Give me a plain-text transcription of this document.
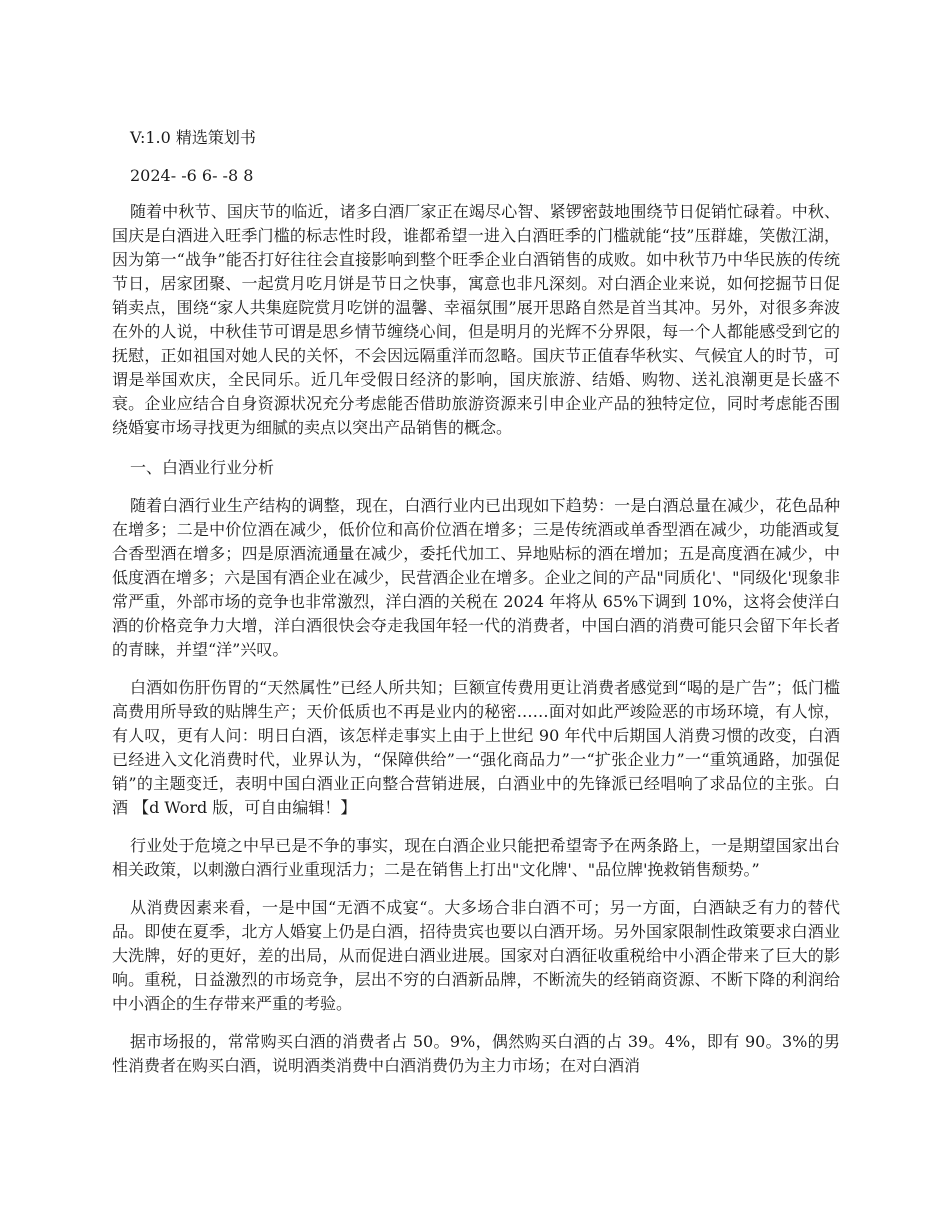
V:1.0 精选策划书

2024- -6 6- -8 8

随着中秋节、国庆节的临近，诸多白酒厂家正在竭尽心智、紧锣密鼓地围绕节日促销忙碌着。中秋、国庆是白酒进入旺季门槛的标志性时段，谁都希望一进入白酒旺季的门槛就能“技”压群雄，笑傲江湖，因为第一“战争”能否打好往往会直接影响到整个旺季企业白酒销售的成败。如中秋节乃中华民族的传统节日，居家团聚、一起赏月吃月饼是节日之快事，寓意也非凡深刻。对白酒企业来说，如何挖掘节日促销卖点，围绕“家人共集庭院赏月吃饼的温馨、幸福氛围”展开思路自然是首当其冲。另外，对很多奔波在外的人说，中秋佳节可谓是思乡情节缠绕心间，但是明月的光辉不分界限，每一个人都能感受到它的抚慰，正如祖国对她人民的关怀，不会因远隔重洋而忽略。国庆节正值春华秋实、气候宜人的时节，可谓是举国欢庆，全民同乐。近几年受假日经济的影响，国庆旅游、结婚、购物、送礼浪潮更是长盛不衰。企业应结合自身资源状况充分考虑能否借助旅游资源来引申企业产品的独特定位，同时考虑能否围绕婚宴市场寻找更为细腻的卖点以突出产品销售的概念。

一、白酒业行业分析

随着白酒行业生产结构的调整，现在，白酒行业内已出现如下趋势：一是白酒总量在减少，花色品种在增多；二是中价位酒在减少，低价位和高价位酒在增多；三是传统酒或单香型酒在减少，功能酒或复合香型酒在增多；四是原酒流通量在减少，委托代加工、异地贴标的酒在增加；五是高度酒在减少，中低度酒在增多；六是国有酒企业在减少，民营酒企业在增多。企业之间的产品"同质化'、"同级化'现象非常严重，外部市场的竞争也非常激烈，洋白酒的关税在 2024 年将从 65%下调到 10%，这将会使洋白酒的价格竞争力大增，洋白酒很快会夺走我国年轻一代的消费者，中国白酒的消费可能只会留下年长者的青睐，并望“洋”兴叹。

白酒如伤肝伤胃的“天然属性”已经人所共知；巨额宣传费用更让消费者感觉到“喝的是广告”；低门槛高费用所导致的贴牌生产；天价低质也不再是业内的秘密……面对如此严竣险恶的市场环境，有人惊，有人叹，更有人问：明日白酒，该怎样走事实上由于上世纪 90 年代中后期国人消费习惯的改变，白酒已经进入文化消费时代，业界认为，“保障供给”一“强化商品力”一“扩张企业力”一“重筑通路，加强促销”的主题变迁，表明中国白酒业正向整合营销进展，白酒业中的先锋派已经唱响了求品位的主张。白酒 【d Word 版，可自由编辑！】

行业处于危境之中早已是不争的事实，现在白酒企业只能把希望寄予在两条路上，一是期望国家出台相关政策，以刺激白酒行业重现活力；二是在销售上打出"文化牌'、"品位牌'挽救销售颓势。”

从消费因素来看，一是中国“无酒不成宴“。大多场合非白酒不可；另一方面，白酒缺乏有力的替代品。即使在夏季，北方人婚宴上仍是白酒，招待贵宾也要以白酒开场。另外国家限制性政策要求白酒业大洗牌，好的更好，差的出局，从而促进白酒业进展。国家对白酒征收重税给中小酒企带来了巨大的影响。重税，日益激烈的市场竞争，层出不穷的白酒新品牌，不断流失的经销商资源、不断下降的利润给中小酒企的生存带来严重的考验。

据市场报的，常常购买白酒的消费者占 50。9%，偶然购买白酒的占 39。4%，即有 90。3%的男性消费者在购买白酒，说明酒类消费中白酒消费仍为主力市场；在对白酒消
